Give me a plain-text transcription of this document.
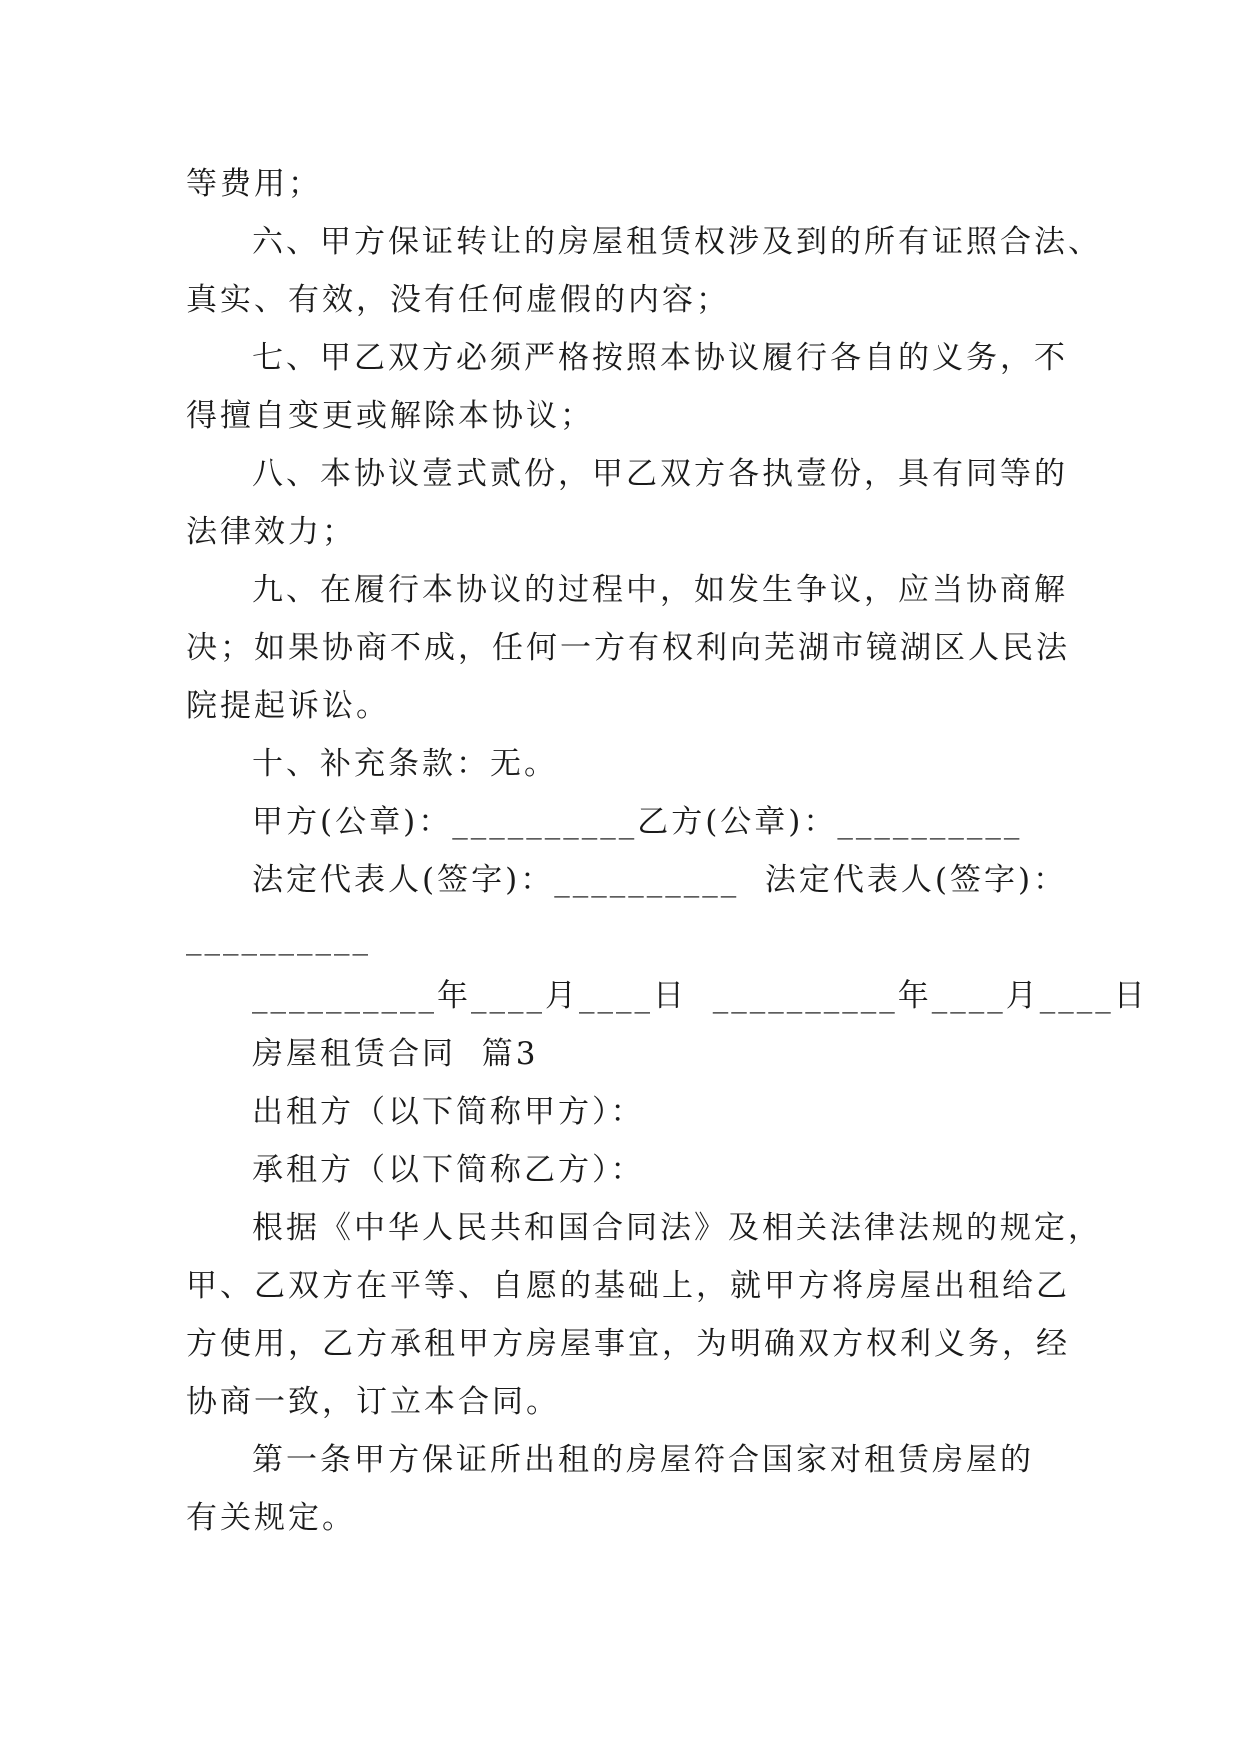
等费用；

六、甲方保证转让的房屋租赁权涉及到的所有证照合法、

真实、有效，没有任何虚假的内容；

七、甲乙双方必须严格按照本协议履行各自的义务，不

得擅自变更或解除本协议；

八、本协议壹式贰份，甲乙双方各执壹份，具有同等的

法律效力；

九、在履行本协议的过程中，如发生争议，应当协商解

决；如果协商不成，任何一方有权利向芜湖市镜湖区人民法

院提起诉讼。

十、补充条款：无。

甲方(公章)：__________乙方(公章)：__________

法定代表人(签字)：__________  法定代表人(签字)：

__________

__________年____月____日  __________年____月____日

房屋租赁合同  篇3

出租方（以下简称甲方）：

承租方（以下简称乙方）：

根据《中华人民共和国合同法》及相关法律法规的规定，

甲、乙双方在平等、自愿的基础上，就甲方将房屋出租给乙

方使用，乙方承租甲方房屋事宜，为明确双方权利义务，经

协商一致，订立本合同。

第一条甲方保证所出租的房屋符合国家对租赁房屋的

有关规定。
